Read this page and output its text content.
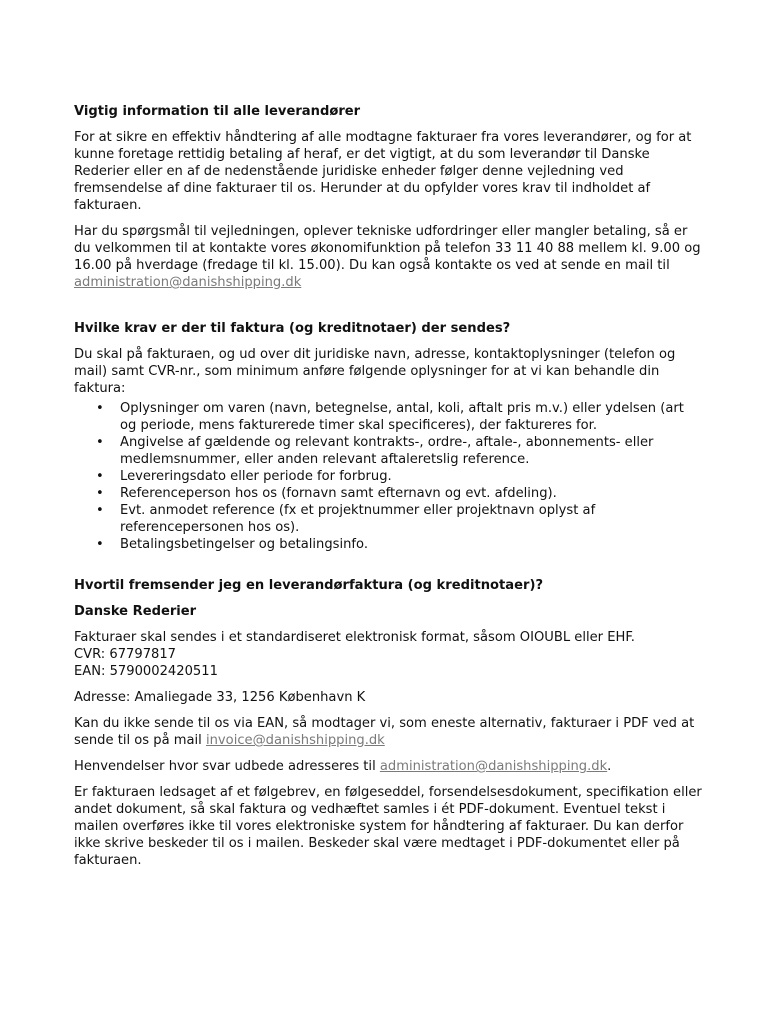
Vigtig information til alle leverandører

For at sikre en effektiv håndtering af alle modtagne fakturaer fra vores leverandører, og for at kunne foretage rettidig betaling af heraf, er det vigtigt, at du som leverandør til Danske Rederier eller en af de nedenstående juridiske enheder følger denne vejledning ved fremsendelse af dine fakturaer til os. Herunder at du opfylder vores krav til indholdet af fakturaen.

Har du spørgsmål til vejledningen, oplever tekniske udfordringer eller mangler betaling, så er du velkommen til at kontakte vores økonomifunktion på telefon 33 11 40 88 mellem kl. 9.00 og 16.00 på hverdage (fredage til kl. 15.00). Du kan også kontakte os ved at sende en mail til administration@danishshipping.dk

Hvilke krav er der til faktura (og kreditnotaer) der sendes?

Du skal på fakturaen, og ud over dit juridiske navn, adresse, kontaktoplysninger (telefon og mail) samt CVR-nr., som minimum anføre følgende oplysninger for at vi kan behandle din faktura:

• Oplysninger om varen (navn, betegnelse, antal, koli, aftalt pris m.v.) eller ydelsen (art og periode, mens fakturerede timer skal specificeres), der faktureres for.
• Angivelse af gældende og relevant kontrakts-, ordre-, aftale-, abonnements- eller medlemsnummer, eller anden relevant aftaleretslig reference.
• Levereringsdato eller periode for forbrug.
• Referenceperson hos os (fornavn samt efternavn og evt. afdeling).
• Evt. anmodet reference (fx et projektnummer eller projektnavn oplyst af referencepersonen hos os).
• Betalingsbetingelser og betalingsinfo.
Hvortil fremsender jeg en leverandørfaktura (og kreditnotaer)?
Danske Rederier

Fakturaer skal sendes i et standardiseret elektronisk format, såsom OIOUBL eller EHF.
CVR: 67797817
EAN: 5790002420511

Adresse: Amaliegade 33, 1256 København K

Kan du ikke sende til os via EAN, så modtager vi, som eneste alternativ, fakturaer i PDF ved at sende til os på mail invoice@danishshipping.dk

Henvendelser hvor svar udbede adresseres til administration@danishshipping.dk.

Er fakturaen ledsaget af et følgebrev, en følgeseddel, forsendelsesdokument, specifikation eller andet dokument, så skal faktura og vedhæftet samles i ét PDF-dokument. Eventuel tekst i mailen overføres ikke til vores elektroniske system for håndtering af fakturaer. Du kan derfor ikke skrive beskeder til os i mailen. Beskeder skal være medtaget i PDF-dokumentet eller på fakturaen.
